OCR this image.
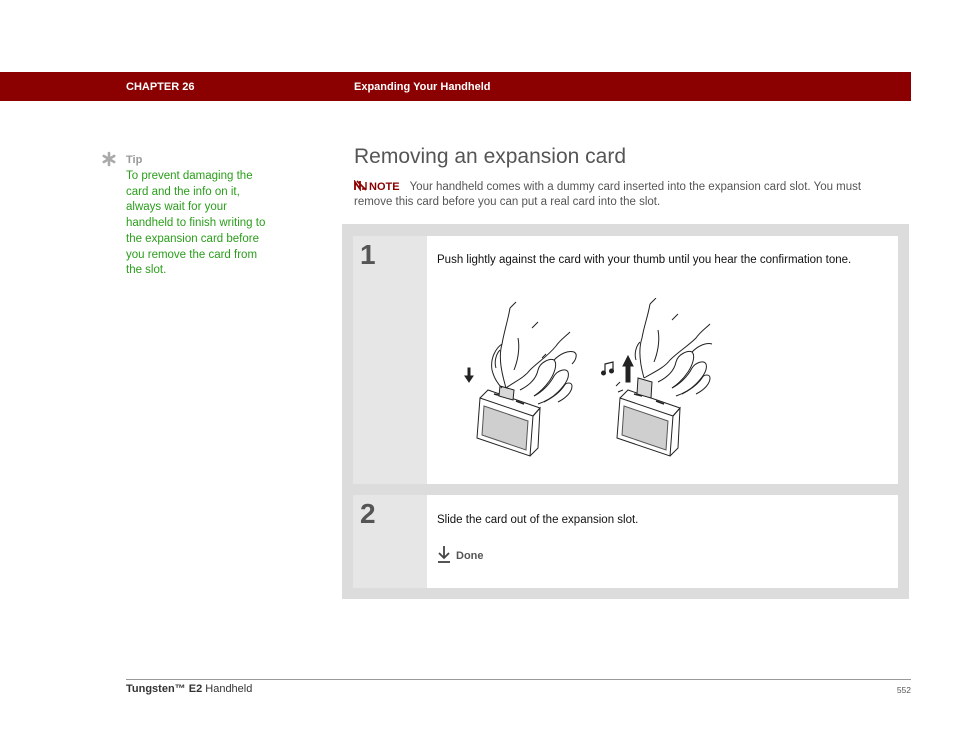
CHAPTER 26	Expanding Your Handheld
Tip
To prevent damaging the card and the info on it, always wait for your handheld to finish writing to the expansion card before you remove the card from the slot.
Removing an expansion card
NOTE Your handheld comes with a dummy card inserted into the expansion card slot. You must remove this card before you can put a real card into the slot.
1	Push lightly against the card with your thumb until you hear the confirmation tone.
2	Slide the card out of the expansion slot.
Done
Tungsten™ E2 Handheld	552
